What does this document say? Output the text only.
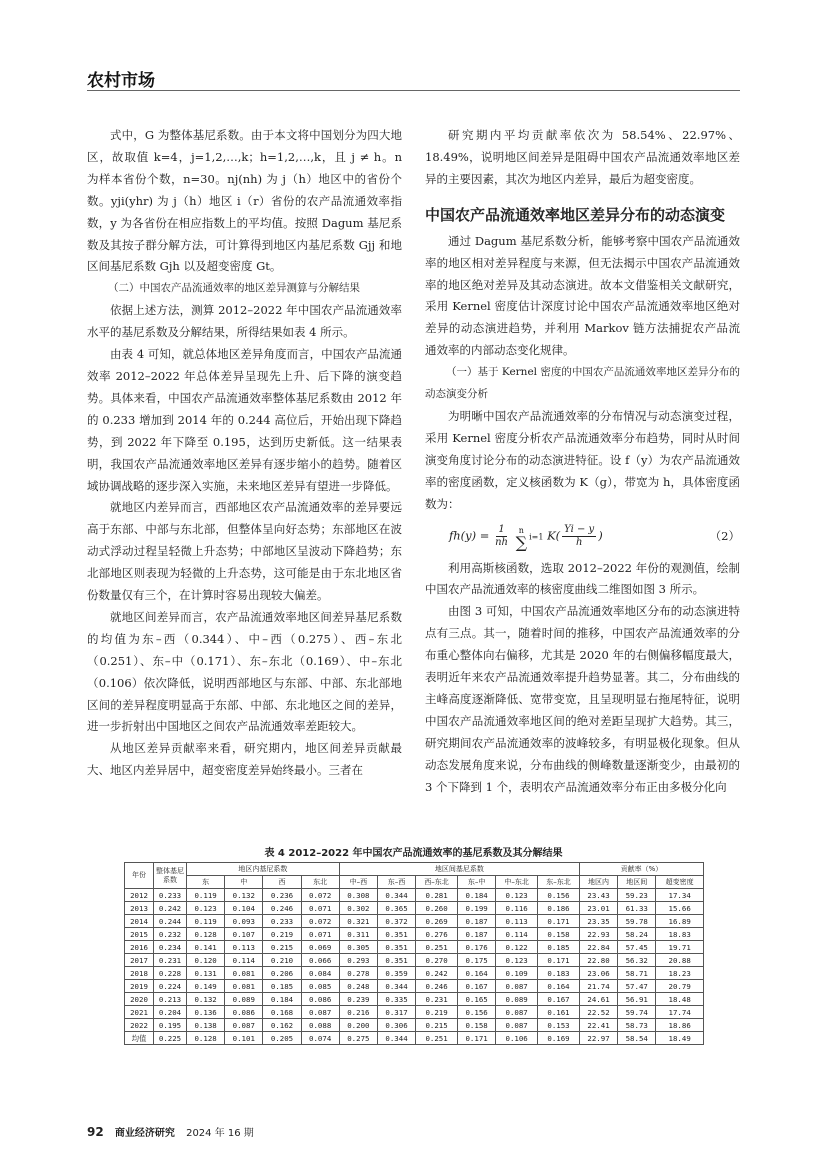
农村市场

式中，G 为整体基尼系数。由于本文将中国划分为四大地区，故取值 k=4，j=1,2,…,k；h=1,2,…,k，且 j ≠ h。n 为样本省份个数，n=30。nj(nh) 为 j（h）地区中的省份个数。yji(yhr) 为 j（h）地区 i（r）省份的农产品流通效率指数，y 为各省份在相应指数上的平均值。按照 Dagum 基尼系数及其按子群分解方法，可计算得到地区内基尼系数 Gjj 和地区间基尼系数 Gjh 以及超变密度 Gt。

（二）中国农产品流通效率的地区差异测算与分解结果

依据上述方法，测算 2012–2022 年中国农产品流通效率水平的基尼系数及分解结果，所得结果如表 4 所示。

由表 4 可知，就总体地区差异角度而言，中国农产品流通效率 2012–2022 年总体差异呈现先上升、后下降的演变趋势。具体来看，中国农产品流通效率整体基尼系数由 2012 年的 0.233 增加到 2014 年的 0.244 高位后，开始出现下降趋势，到 2022 年下降至 0.195，达到历史新低。这一结果表明，我国农产品流通效率地区差异有逐步缩小的趋势。随着区域协调战略的逐步深入实施，未来地区差异有望进一步降低。

就地区内差异而言，西部地区农产品流通效率的差异要远高于东部、中部与东北部，但整体呈向好态势；东部地区在波动式浮动过程呈轻微上升态势；中部地区呈波动下降趋势；东北部地区则表现为轻微的上升态势，这可能是由于东北地区省份数量仅有三个，在计算时容易出现较大偏差。

就地区间差异而言，农产品流通效率地区间差异基尼系数的均值为东–西（0.344）、中–西（0.275）、西–东北（0.251）、东–中（0.171）、东–东北（0.169）、中–东北（0.106）依次降低，说明西部地区与东部、中部、东北部地区间的差异程度明显高于东部、中部、东北地区之间的差异，进一步折射出中国地区之间农产品流通效率差距较大。

从地区差异贡献率来看，研究期内，地区间差异贡献最大、地区内差异居中，超变密度差异始终最小。三者在

研究期内平均贡献率依次为 58.54%、22.97%、18.49%，说明地区间差异是阻碍中国农产品流通效率地区差异的主要因素，其次为地区内差异，最后为超变密度。

中国农产品流通效率地区差异分布的动态演变

通过 Dagum 基尼系数分析，能够考察中国农产品流通效率的地区相对差异程度与来源，但无法揭示中国农产品流通效率的地区绝对差异及其动态演进。故本文借鉴相关文献研究，采用 Kernel 密度估计深度讨论中国农产品流通效率地区绝对差异的动态演进趋势，并利用 Markov 链方法捕捉农产品流通效率的内部动态变化规律。

（一）基于 Kernel 密度的中国农产品流通效率地区差异分布的动态演变分析

为明晰中国农产品流通效率的分布情况与动态演变过程，采用 Kernel 密度分析农产品流通效率分布趋势，同时从时间演变角度讨论分布的动态演进特征。设 f（y）为农产品流通效率的密度函数，定义核函数为 K（g），带宽为 h，具体密度函数为：

$fh(y) = \frac{1}{nh}$
n
∑ i=1 $K( \frac{Yi - y}{h}$ )	（2）

利用高斯核函数，选取 2012–2022 年份的观测值，绘制中国农产品流通效率的核密度曲线二维图如图 3 所示。

由图 3 可知，中国农产品流通效率地区分布的动态演进特点有三点。其一，随着时间的推移，中国农产品流通效率的分布重心整体向右偏移，尤其是 2020 年的右侧偏移幅度最大，表明近年来农产品流通效率提升趋势显著。其二，分布曲线的主峰高度逐渐降低、宽带变宽，且呈现明显右拖尾特征，说明中国农产品流通效率地区间的绝对差距呈现扩大趋势。其三，研究期间农产品流通效率的波峰较多，有明显极化现象。但从动态发展角度来说，分布曲线的侧峰数量逐渐变少，由最初的 3 个下降到 1 个，表明农产品流通效率分布正由多极分化向

表 4 2012–2022 年中国农产品流通效率的基尼系数及其分解结果
年份	整体基尼系数	地区内基尼系数				地区间基尼系数						贡献率（%）		
		东	中	西	东北	中–西	东–西	西–东北	东–中	中–东北	东–东北	地区内	地区间	超变密度
2012	0.233	0.119	0.132	0.236	0.072	0.308	0.344	0.281	0.184	0.123	0.156	23.43	59.23	17.34
2013	0.242	0.123	0.104	0.246	0.071	0.302	0.365	0.260	0.199	0.116	0.186	23.01	61.33	15.66
2014	0.244	0.119	0.093	0.233	0.072	0.321	0.372	0.269	0.187	0.113	0.171	23.35	59.78	16.89
2015	0.232	0.128	0.107	0.219	0.071	0.311	0.351	0.276	0.187	0.114	0.158	22.93	58.24	18.83
2016	0.234	0.141	0.113	0.215	0.069	0.305	0.351	0.251	0.176	0.122	0.185	22.84	57.45	19.71
2017	0.231	0.120	0.114	0.210	0.066	0.293	0.351	0.270	0.175	0.123	0.171	22.80	56.32	20.88
2018	0.228	0.131	0.081	0.206	0.084	0.278	0.359	0.242	0.164	0.109	0.183	23.06	58.71	18.23
2019	0.224	0.149	0.081	0.185	0.085	0.248	0.344	0.246	0.167	0.087	0.164	21.74	57.47	20.79
2020	0.213	0.132	0.089	0.184	0.086	0.239	0.335	0.231	0.165	0.089	0.167	24.61	56.91	18.48
2021	0.204	0.136	0.086	0.168	0.087	0.216	0.317	0.219	0.156	0.087	0.161	22.52	59.74	17.74
2022	0.195	0.138	0.087	0.162	0.088	0.200	0.306	0.215	0.158	0.087	0.153	22.41	58.73	18.86
均值	0.225	0.128	0.101	0.205	0.074	0.275	0.344	0.251	0.171	0.106	0.169	22.97	58.54	18.49
92 商业经济研究 2024 年 16 期
